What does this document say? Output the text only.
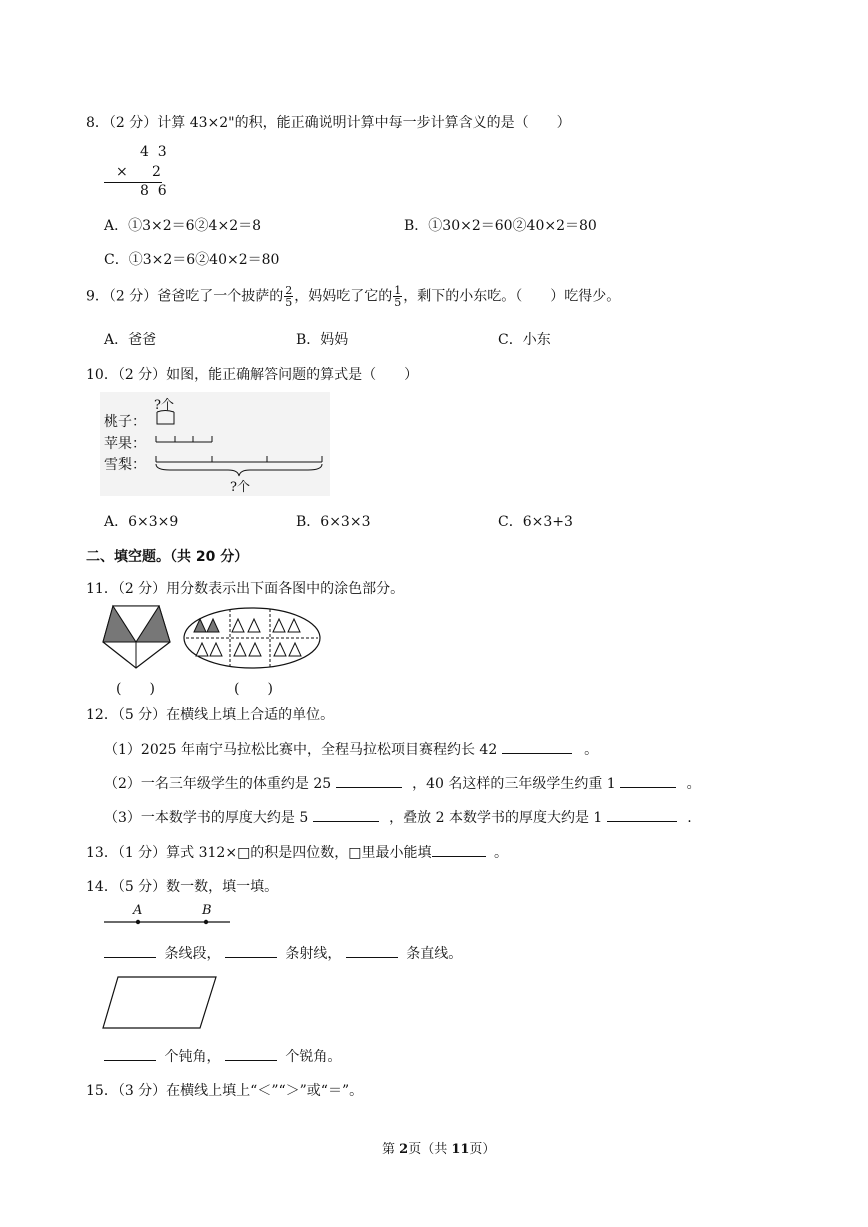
8．（2 分）计算 43×2"的积，能正确说明计算中每一步计算含义的是（　　）
4  3
× 2
8  6
A．①3×2＝6②4×2＝8	B．①30×2＝60②40×2＝80
C．①3×2＝6②40×2＝80
9．（2 分）爸爸吃了一个披萨的 $\frac{2}{5}$ ，妈妈吃了它的 $\frac{1}{5}$ ，剩下的小东吃。（　　）吃得少。
A．爸爸	B．妈妈	C．小东
10．（2 分）如图，能正确解答问题的算式是（　　）
?个
桃子：
苹果：
雪梨：
?个
A．6×3×9	B．6×3×3	C．6×3+3
二、填空题。（共 20 分）
11．（2 分）用分数表示出下面各图中的涂色部分。
(　　)	(　　)
12．（5 分）在横线上填上合适的单位。
（1）2025 年南宁马拉松比赛中，全程马拉松项目赛程约长 42	。
（2）一名三年级学生的体重约是 25	，40 名这样的三年级学生约重 1	。
（3）一本数学书的厚度大约是 5	，叠放 2 本数学书的厚度大约是 1	.
13．（1 分）算式 312×□的积是四位数，□里最小能填	。
14．（5 分）数一数，填一填。
A	B
条线段，	条射线，	条直线。
个钝角，	个锐角。
15．（3 分）在横线上填上“＜”“＞”或“＝”。
第 2页（共 11页）
